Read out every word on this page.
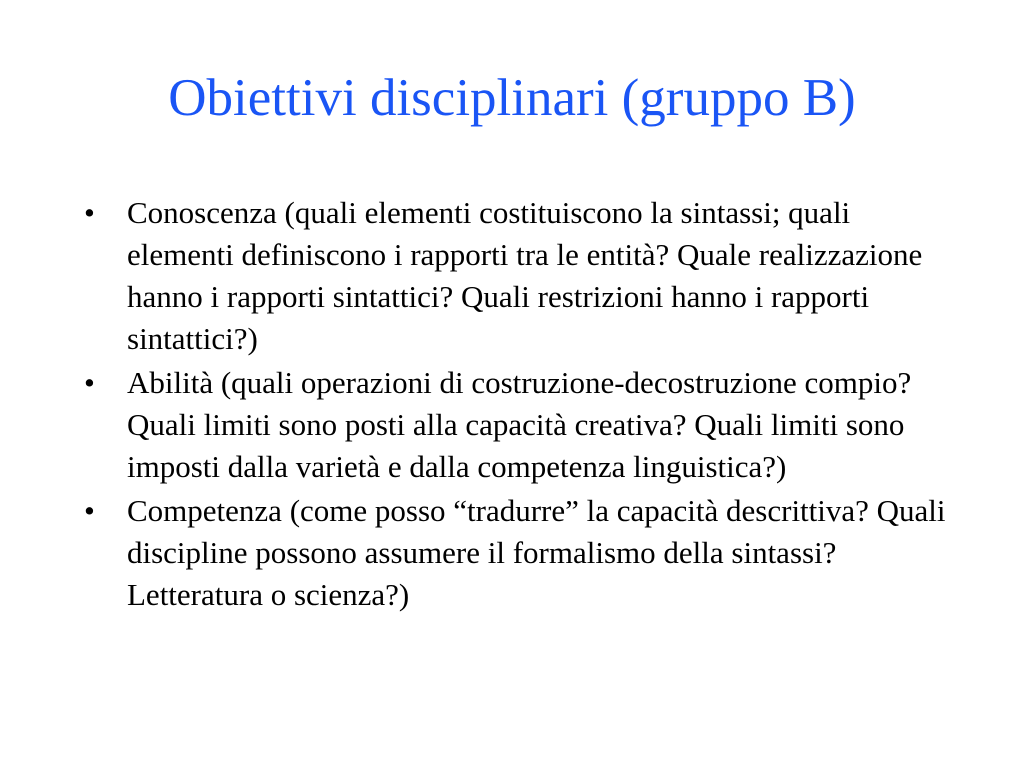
Obiettivi disciplinari (gruppo B)
• Conoscenza (quali elementi costituiscono la sintassi; quali elementi definiscono i rapporti tra le entità? Quale realizzazione hanno i rapporti sintattici? Quali restrizioni hanno i rapporti sintattici?)
• Abilità (quali operazioni di costruzione-decostruzione compio? Quali limiti sono posti alla capacità creativa? Quali limiti sono imposti dalla varietà e dalla competenza linguistica?)
• Competenza (come posso “tradurre” la capacità descrittiva? Quali discipline possono assumere il formalismo della sintassi? Letteratura o scienza?)
